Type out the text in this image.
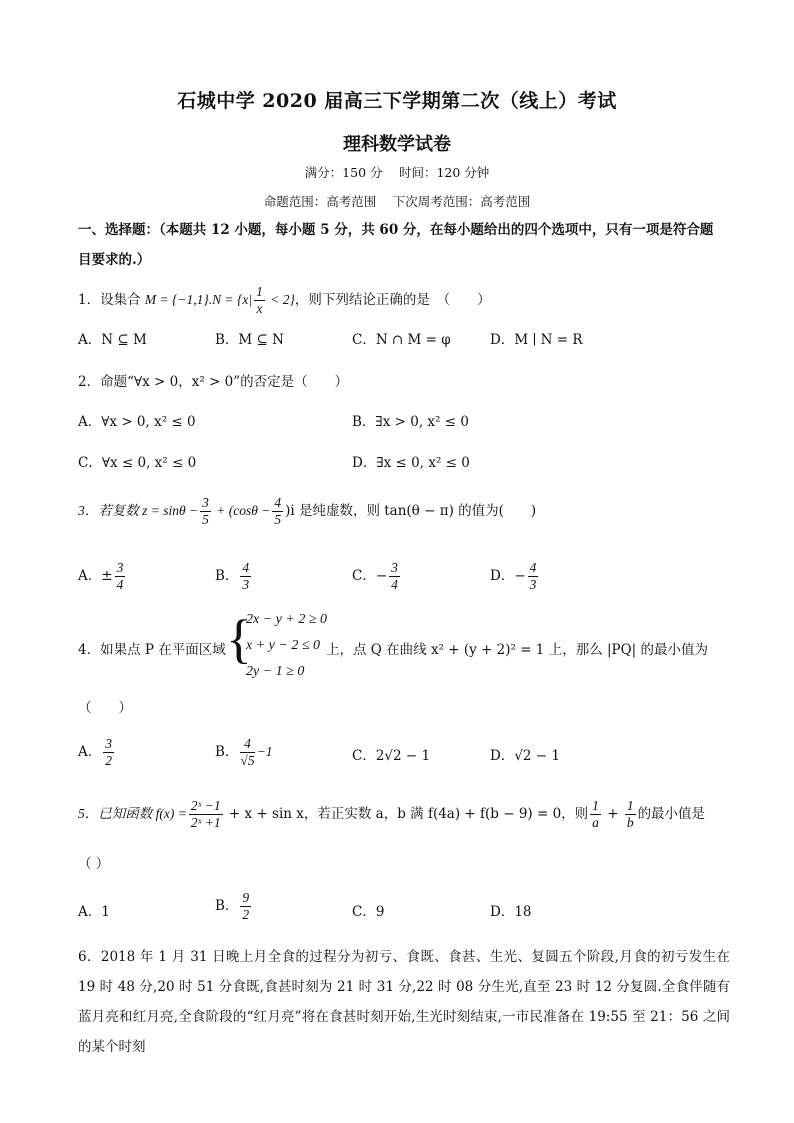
石城中学 2020 届高三下学期第二次（线上）考试
理科数学试卷
满分：150 分　 时间：120 分钟
命题范围：高考范围　 下次周考范围：高考范围
一、选择题：（本题共 12 小题，每小题 5 分，共 60 分，在每小题给出的四个选项中，只有一项是符合题
目要求的.）
1．设集合 $M = \{-1,1\}.N = \{x| \frac{1}{x} < 2\}$，则下列结论正确的是　（　　）
A．N ⊆ M	B．M ⊆ N	C．N ∩ M = φ	D．M ∣ N = R
2．命题“∀x > 0，x² > 0”的否定是（　　）
A．∀x > 0, x² ≤ 0	B．∃x > 0, x² ≤ 0
C．∀x ≤ 0, x² ≤ 0	D．∃x ≤ 0, x² ≤ 0
3．若复数 $z = \sin\theta - \frac{3}{5} + (\cos\theta - \frac{4}{5} )i$ 是纯虚数，则 tan(θ − π) 的值为(　　)
A．± $\frac{3}{4}$	B． $\frac{4}{3}$	C．− $\frac{3}{4}$	D．− $\frac{4}{3}$
4．如果点 P 在平面区域 {
2x − y + 2 ≥ 0
x + y − 2 ≤ 0
2y − 1 ≥ 0
上，点 Q 在曲线 x² + (y + 2)² = 1 上，那么 |PQ| 的最小值为
（　　）
A． $\frac{3}{2}$	B． $\frac{4}{√5} -1$	C．2√2 − 1	D．√2 − 1
5．已知函数 $f(x) = \frac{\text{2ˣ −1}}{\text{2ˣ +1}} + x + \sin x$，若正实数 a，b 满 f(4a) + f(b − 9) = 0，则 $\frac{1}{a} + \frac{1}{b}$ 的最小值是
（ ）
A．1	B． $\frac{9}{2}$	C．9	D．18
6．2018 年 1 月 31 日晚上月全食的过程分为初亏、食既、食甚、生光、复圆五个阶段,月食的初亏发生在 19 时 48 分,20 时 51 分食既,食甚时刻为 21 时 31 分,22 时 08 分生光,直至 23 时 12 分复圆.全食伴随有蓝月亮和红月亮,全食阶段的“红月亮”将在食甚时刻开始,生光时刻结束,一市民准备在 19:55 至 21：56 之间的某个时刻
